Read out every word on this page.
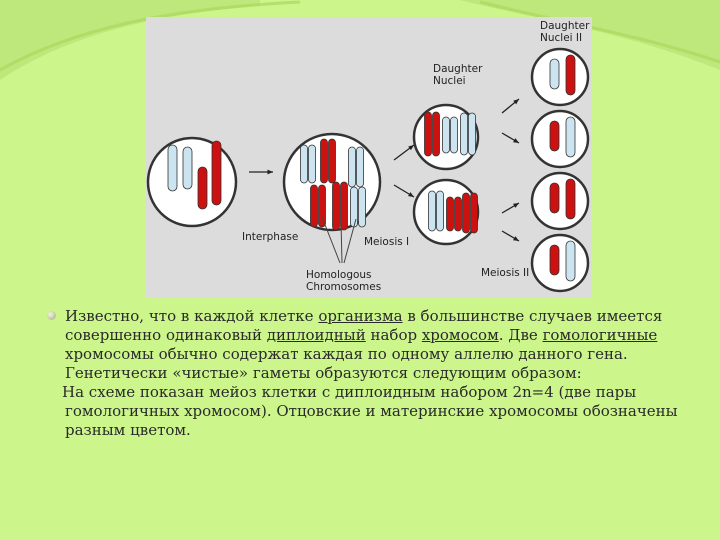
Daughter Nuclei II
Daughter Nuclei
Interphase	Meiosis I
Meiosis II
Homologous Chromosomes

Известно, что в каждой клетке организма в большинстве случаев имеется совершенно одинаковый диплоидный набор хромосом. Две гомологичные хромосомы обычно содержат каждая по одному аллелю данного гена. Генетически «чистые» гаметы образуются следующим образом:

На схеме показан мейоз клетки с диплоидным набором 2n=4 (две пары гомологичных хромосом). Отцовские и материнские хромосомы обозначены разным цветом.
